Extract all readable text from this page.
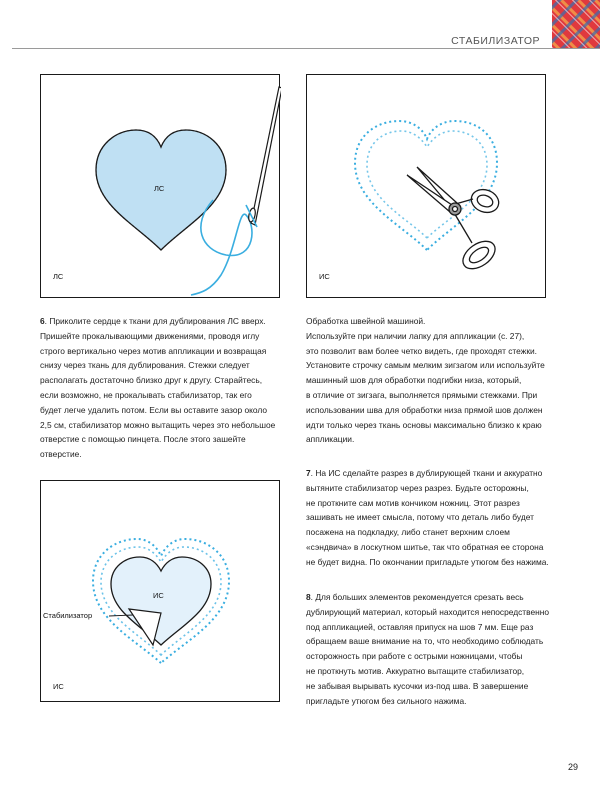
СТАБИЛИЗАТОР
ЛС
ЛС	ИС
6. Приколите сердце к ткани для дублирования ЛС вверх.
Пришейте прокалывающими движениями, проводя иглу
строго вертикально через мотив аппликации и возвращая
снизу через ткань для дублирования. Стежки следует
располагать достаточно близко друг к другу. Старайтесь,
если возможно, не прокалывать стабилизатор, так его
будет легче удалить потом. Если вы оставите зазор около
2,5 см, стабилизатор можно вытащить через это небольшое
отверстие с помощью пинцета. После этого зашейте
отверстие.
Обработка швейной машиной.
Используйте при наличии лапку для аппликации (с. 27),
это позволит вам более четко видеть, где проходят стежки.
Установите строчку самым мелким зигзагом или используйте
машинный шов для обработки подгибки низа, который,
в отличие от зигзага, выполняется прямыми стежками. При
использовании шва для обработки низа прямой шов должен
идти только через ткань основы максимально близко к краю
аппликации.
ИС
Стабилизатор
ИС
7. На ИС сделайте разрез в дублирующей ткани и аккуратно
вытяните стабилизатор через разрез. Будьте осторожны,
не проткните сам мотив кончиком ножниц. Этот разрез
зашивать не имеет смысла, потому что деталь либо будет
посажена на подкладку, либо станет верхним слоем
«сэндвича» в лоскутном шитье, так что обратная ее сторона
не будет видна. По окончании пригладьте утюгом без нажима.
8. Для больших элементов рекомендуется срезать весь
дублирующий материал, который находится непосредственно
под аппликацией, оставляя припуск на шов 7 мм. Еще раз
обращаем ваше внимание на то, что необходимо соблюдать
осторожность при работе с острыми ножницами, чтобы
не проткнуть мотив. Аккуратно вытащите стабилизатор,
не забывая вырывать кусочки из-под шва. В завершение
пригладьте утюгом без сильного нажима.
29
